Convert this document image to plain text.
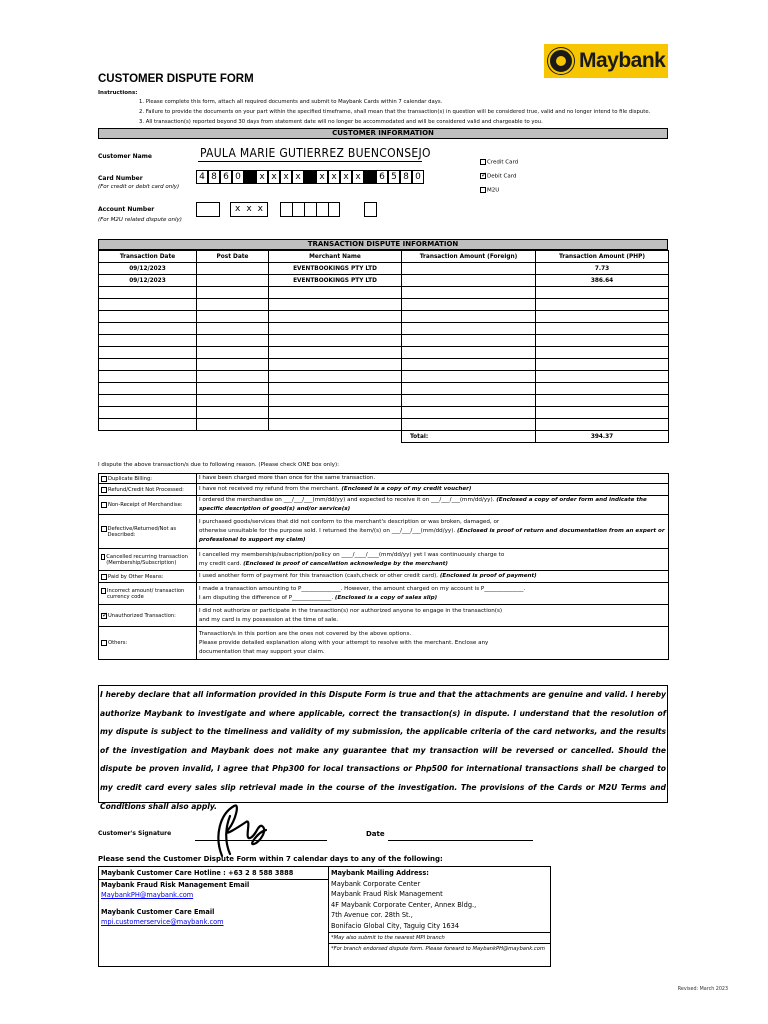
Maybank
CUSTOMER DISPUTE FORM
Instructions:
1. Please complete this form, attach all required documents and submit to Maybank Cards within 7 calendar days.
2. Failure to provide the documents on your part within the specified timeframe, shall mean that the transaction(s) in question will be considered true, valid and no longer intend to file dispute.
3. All transaction(s) reported beyond 30 days from statement date will no longer be accommodated and will be considered valid and chargeable to you.
CUSTOMER INFORMATION
Customer Name	PAULA MARIE GUTIERREZ BUENCONSEJO
Card Number
(For credit or debit card only)
4 8 6 0	x x x x	x x x x	6 5 8 0
Account Number
(For M2U related dispute only)
x x x
Credit Card
✓Debit Card
M2U
TRANSACTION DISPUTE INFORMATION
Transaction Date	Post Date	Merchant Name	Transaction Amount (Foreign)	Transaction Amount (PHP)
09/12/2023		EVENTBOOKINGS PTY LTD		7.73
09/12/2023		EVENTBOOKINGS PTY LTD		386.64

			Total:	394.37
I dispute the above transaction/s due to following reason. (Please check ONE box only):
Duplicate Billing:	I have been charged more than once for the same transaction.

Refund/Credit Not Processed:	I have not received my refund from the merchant. (Enclosed is a copy of my credit voucher)

Non-Receipt of Merchandise:	I ordered the merchandise on ___/___/___(mm/dd/yy) and expected to receive it on ___/___/___(mm/dd/yy). (Enclosed a copy of order form and indicate the specific description of good(s) and/or service(s)

Defective/Returned/Not as Described:	I purchased goods/services that did not conform to the merchant's description or was broken, damaged, or
otherwise unsuitable for the purpose sold. I returned the item/(s) on ___/___/___(mm/dd/yy). (Enclosed is proof of return and documentation from an expert or professional to support my claim)

Cancelled recurring transaction (Membership/Subscription)	I cancelled my membership/subscription/policy on ____/____/____(mm/dd/yy) yet I was continuously charge to
my credit card. (Enclosed is proof of cancellation acknowledge by the merchant)

Paid by Other Means:	I used another form of payment for this transaction (cash,check or other credit card). (Enclosed is proof of payment)

Incorrect amount/ transaction currency code	I made a transaction amounting to P______________. However, the amount charged on my account is P______________.
I am disputing the difference of P______________. (Enclosed is a copy of sales slip)

✓
Unauthorized Transaction:	I did not authorize or participate in the transaction(s) nor authorized anyone to engage in the transaction(s)
and my card is my possession at the time of sale.

Others:	Transaction/s in this portion are the ones not covered by the above options.
Please provide detailed explanation along with your attempt to resolve with the merchant. Enclose any
documentation that may support your claim.
I hereby declare that all information provided in this Dispute Form is true and that the attachments are genuine and valid. I hereby authorize Maybank to investigate and where applicable, correct the transaction(s) in dispute. I understand that the resolution of my dispute is subject to the timeliness and validity of my submission, the applicable criteria of the card networks, and the results of the investigation and Maybank does not make any guarantee that my transaction will be reversed or cancelled. Should the dispute be proven invalid, I agree that Php300 for local transactions or Php500 for international transactions shall be charged to my credit card every sales slip retrieval made in the course of the investigation. The provisions of the Cards or M2U Terms and Conditions shall also apply.
Customer's Signature	Date
Please send the Customer Dispute Form within 7 calendar days to any of the following:
Maybank Customer Care Hotline : +63 2 8 588 3888
Maybank Fraud Risk Management Email
MaybankPH@maybank.com
Maybank Customer Care Email
mpi.customerservice@maybank.com

Maybank Mailing Address:
Maybank Corporate Center
Maybank Fraud Risk Management
4F Maybank Corporate Center, Annex Bldg.,
7th Avenue cor. 28th St.,
Bonifacio Global City, Taguig City 1634
*May also submit to the nearest MPI branch
*For branch endorsed dispute form. Please forward to MaybankPH@maybank.com
Revised: March 2023
